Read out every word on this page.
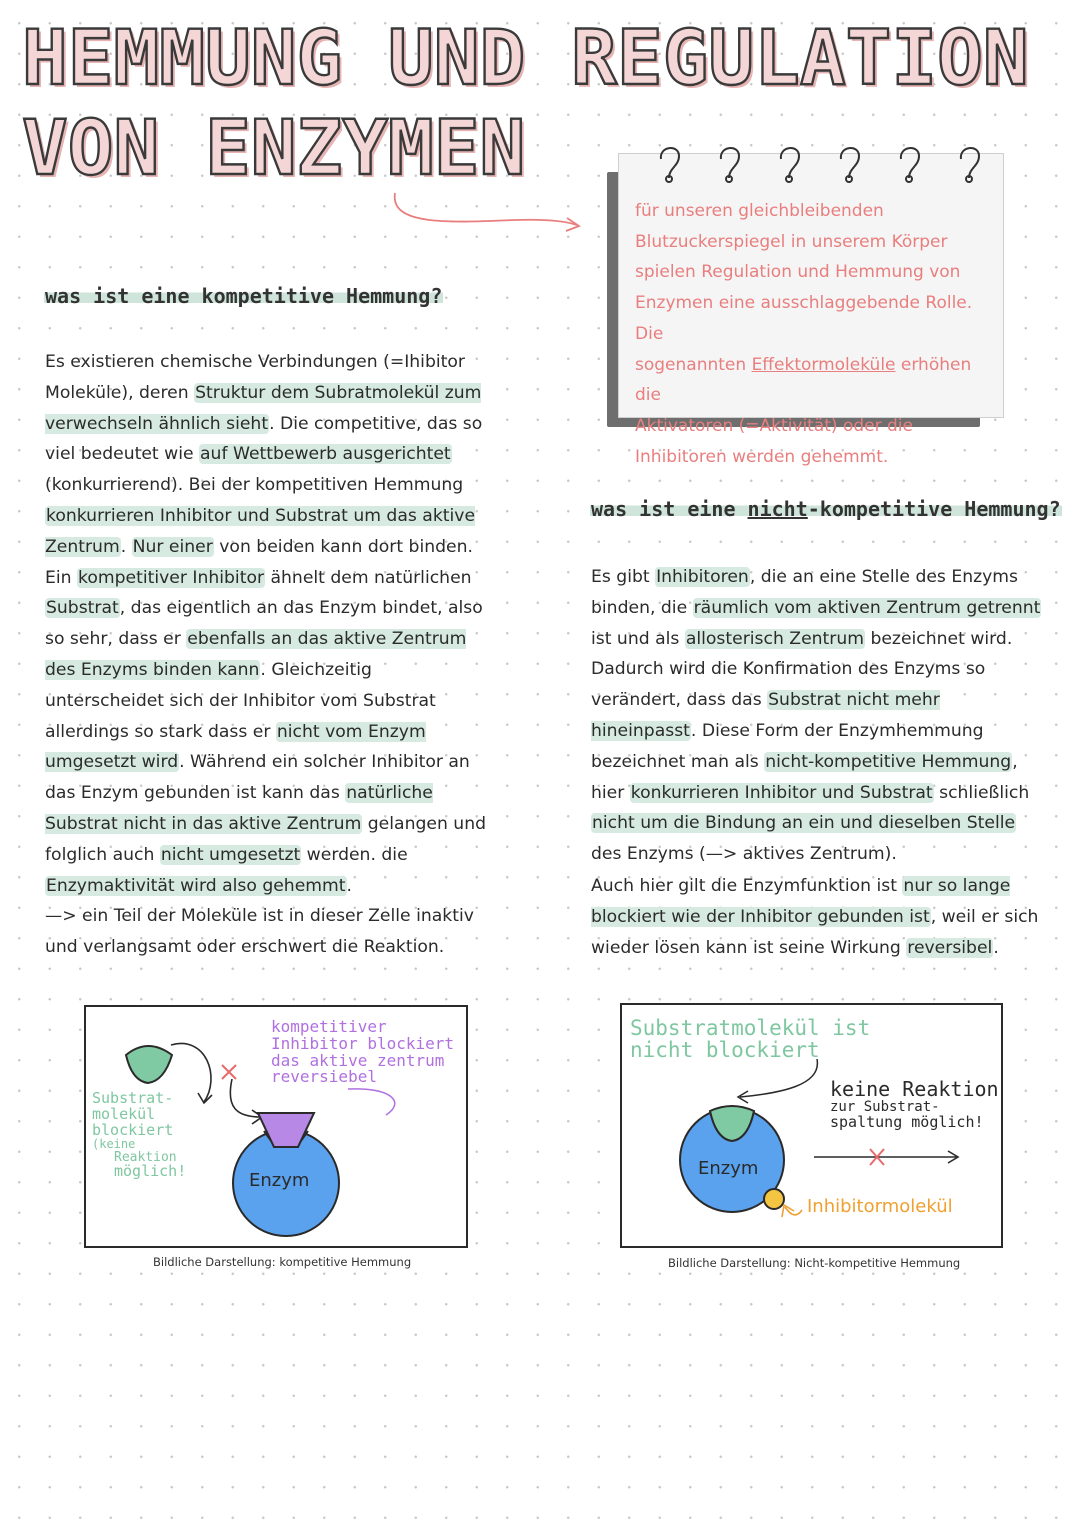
HEMMUNG UND REGULATION
VON ENZYMEN
für unseren gleichbleibenden
Blutzuckerspiegel in unserem Körper
spielen Regulation und Hemmung von
Enzymen eine ausschlaggebende Rolle. Die
sogenannten Effektormoleküle erhöhen die
Aktivatoren (=Aktivität) oder die
Inhibitoren werden gehemmt.
was ist eine kompetitive Hemmung?

Es existieren chemische Verbindungen (=Ihibitor Moleküle), deren Struktur dem Subratmolekül zum verwechseln ähnlich sieht. Die competitive, das so viel bedeutet wie auf Wettbewerb ausgerichtet (konkurrierend). Bei der kompetitiven Hemmung konkurrieren Inhibitor und Substrat um das aktive Zentrum. Nur einer von beiden kann dort binden. Ein kompetitiver Inhibitor ähnelt dem natürlichen Substrat, das eigentlich an das Enzym bindet, also so sehr, dass er ebenfalls an das aktive Zentrum des Enzyms binden kann. Gleichzeitig unterscheidet sich der Inhibitor vom Substrat allerdings so stark dass er nicht vom Enzym umgesetzt wird. Während ein solcher Inhibitor an das Enzym gebunden ist kann das natürliche Substrat nicht in das aktive Zentrum gelangen und folglich auch nicht umgesetzt werden. die Enzymaktivität wird also gehemmt.

—> ein Teil der Moleküle ist in dieser Zelle inaktiv und verlangsamt oder erschwert die Reaktion.

was ist eine nicht-kompetitive Hemmung?

Es gibt Inhibitoren, die an eine Stelle des Enzyms binden, die räumlich vom aktiven Zentrum getrennt ist und als allosterisch Zentrum bezeichnet wird. Dadurch wird die Konfirmation des Enzyms so verändert, dass das Substrat nicht mehr hineinpasst. Diese Form der Enzymhemmung bezeichnet man als nicht-kompetitive Hemmung, hier konkurrieren Inhibitor und Substrat schließlich nicht um die Bindung an ein und dieselben Stelle des Enzyms (—> aktives Zentrum).

Auch hier gilt die Enzymfunktion ist nur so lange blockiert wie der Inhibitor gebunden ist, weil er sich wieder lösen kann ist seine Wirkung reversibel.

kompetitiver
Inhibitor blockiert
das aktive zentrum
reversiebel
Substrat-
molekül
blockiert
(keine
Reaktion
möglich!	Enzym
Bildliche Darstellung: kompetitive Hemmung
Substratmolekül ist
nicht blockiert
keine Reaktion
zur Substrat-
spaltung möglich!
Inhibitormolekül
Enzym
Bildliche Darstellung: Nicht-kompetitive Hemmung
